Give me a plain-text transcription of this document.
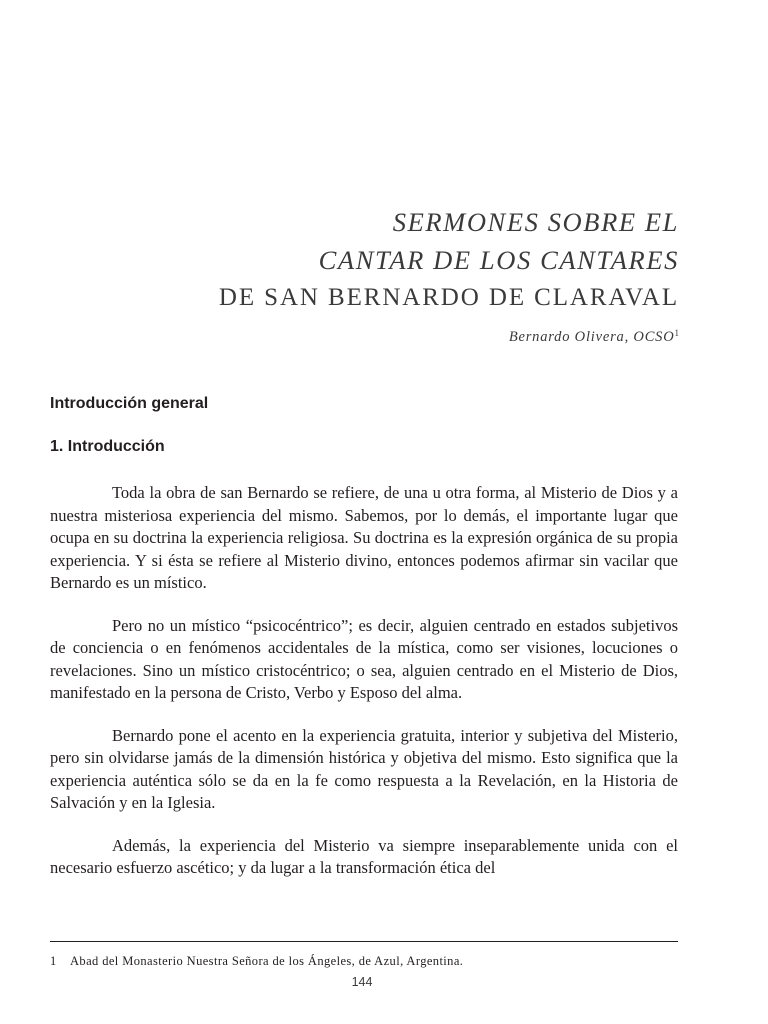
SERMONES SOBRE EL
CANTAR DE LOS CANTARES
DE SAN BERNARDO DE CLARAVAL
Bernardo Olivera, OCSO$^1$
Introducción general
1. Introducción

Toda la obra de san Bernardo se refiere, de una u otra forma, al Misterio de Dios y a nuestra misteriosa experiencia del mismo. Sabemos, por lo demás, el importante lugar que ocupa en su doctrina la experiencia religiosa. Su doctrina es la expresión orgánica de su propia experiencia. Y si ésta se refiere al Misterio divino, entonces podemos afirmar sin vacilar que Bernardo es un místico.

Pero no un místico “psicocéntrico”; es decir, alguien centrado en estados subjetivos de conciencia o en fenómenos accidentales de la mística, como ser visiones, locuciones o revelaciones. Sino un místico cristocéntrico; o sea, alguien centrado en el Misterio de Dios, manifestado en la persona de Cristo, Verbo y Esposo del alma.

Bernardo pone el acento en la experiencia gratuita, interior y subjetiva del Misterio, pero sin olvidarse jamás de la dimensión histórica y objetiva del mismo. Esto significa que la experiencia auténtica sólo se da en la fe como respuesta a la Revelación, en la Historia de Salvación y en la Iglesia.

Además, la experiencia del Misterio va siempre inseparablemente unida con el necesario esfuerzo ascético; y da lugar a la transformación ética del

1 Abad del Monasterio Nuestra Señora de los Ángeles, de Azul, Argentina.
144
